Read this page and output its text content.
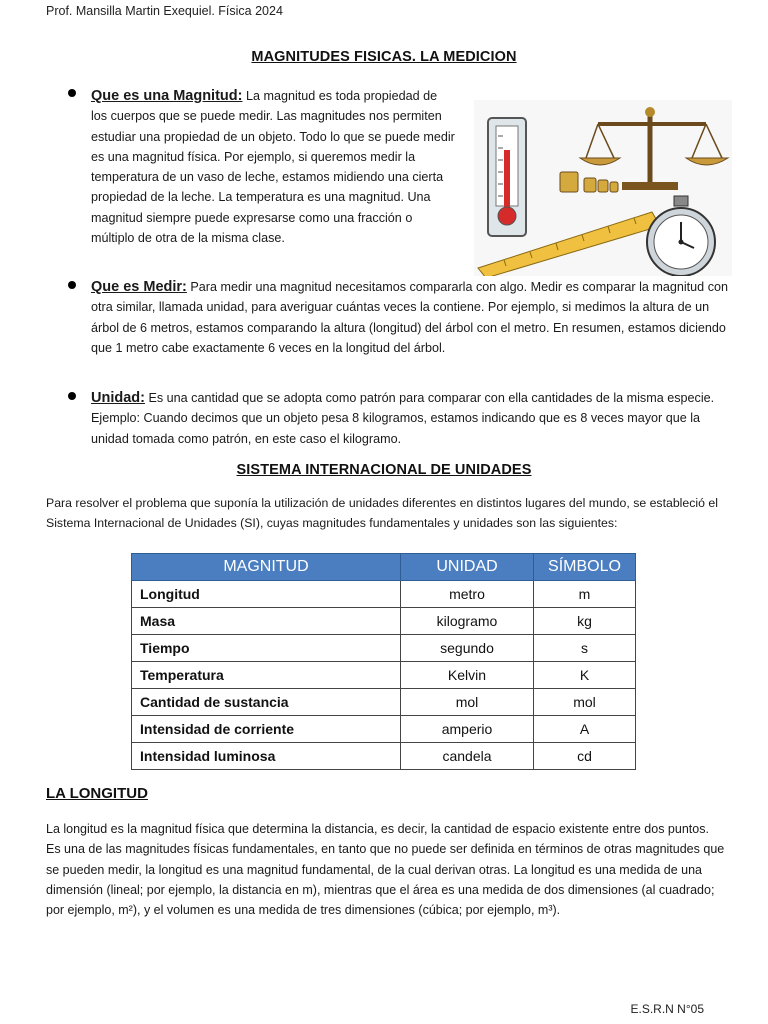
Prof. Mansilla Martin Exequiel. Física 2024
MAGNITUDES FISICAS. LA MEDICION
Que es una Magnitud: La magnitud es toda propiedad de los cuerpos que se puede medir. Las magnitudes nos permiten estudiar una propiedad de un objeto. Todo lo que se puede medir es una magnitud física. Por ejemplo, si queremos medir la temperatura de un vaso de leche, estamos midiendo una cierta propiedad de la leche. La temperatura es una magnitud. Una magnitud siempre puede expresarse como una fracción o múltiplo de otra de la misma clase.
Que es Medir: Para medir una magnitud necesitamos compararla con algo. Medir es comparar la magnitud con otra similar, llamada unidad, para averiguar cuántas veces la contiene. Por ejemplo, si medimos la altura de un árbol de 6 metros, estamos comparando la altura (longitud) del árbol con el metro. En resumen, estamos diciendo que 1 metro cabe exactamente 6 veces en la longitud del árbol.
Unidad: Es una cantidad que se adopta como patrón para comparar con ella cantidades de la misma especie. Ejemplo: Cuando decimos que un objeto pesa 8 kilogramos, estamos indicando que es 8 veces mayor que la unidad tomada como patrón, en este caso el kilogramo.
SISTEMA INTERNACIONAL DE UNIDADES
Para resolver el problema que suponía la utilización de unidades diferentes en distintos lugares del mundo, se estableció el Sistema Internacional de Unidades (SI), cuyas magnitudes fundamentales y unidades son las siguientes:
MAGNITUD	UNIDAD	SÍMBOLO
Longitud	metro	m
Masa	kilogramo	kg
Tiempo	segundo	s
Temperatura	Kelvin	K
Cantidad de sustancia	mol	mol
Intensidad de corriente	amperio	A
Intensidad luminosa	candela	cd
LA LONGITUD
La longitud es la magnitud física que determina la distancia, es decir, la cantidad de espacio existente entre dos puntos. Es una de las magnitudes físicas fundamentales, en tanto que no puede ser definida en términos de otras magnitudes que se pueden medir, la longitud es una magnitud fundamental, de la cual derivan otras. La longitud es una medida de una dimensión (lineal; por ejemplo, la distancia en m), mientras que el área es una medida de dos dimensiones (al cuadrado; por ejemplo, m²), y el volumen es una medida de tres dimensiones (cúbica; por ejemplo, m³).
E.S.R.N N°05
